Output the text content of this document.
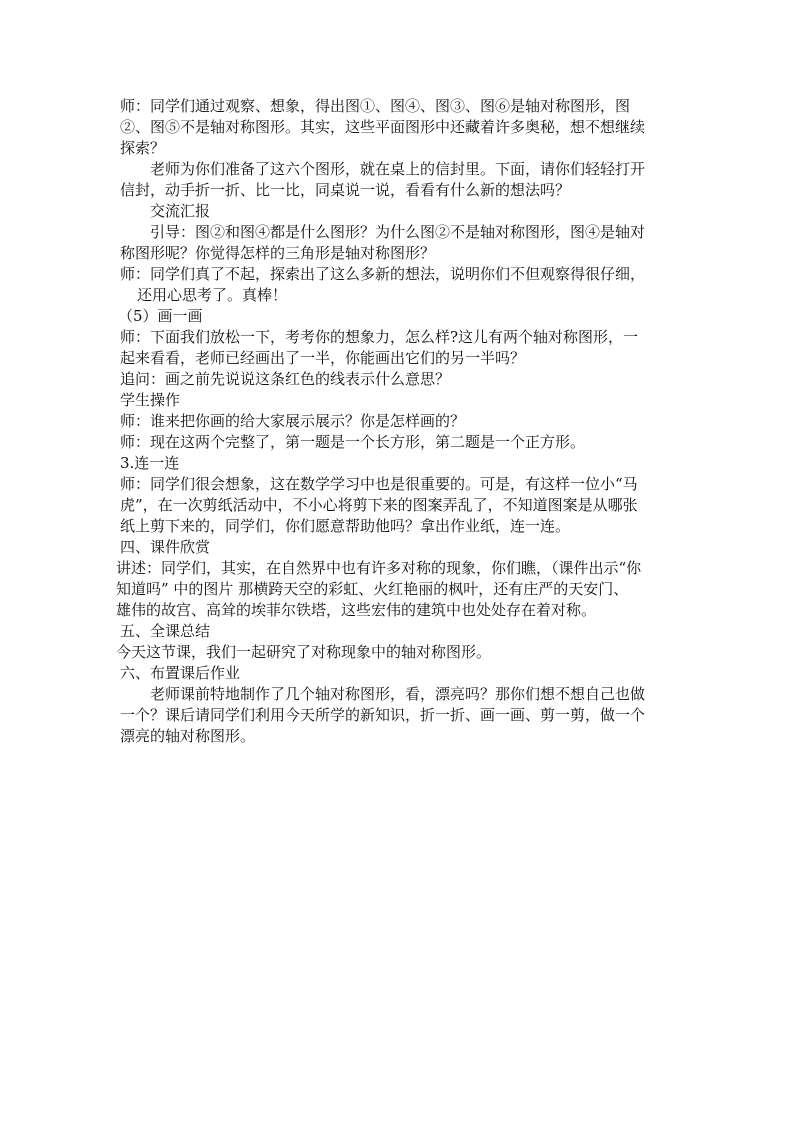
师：同学们通过观察、想象，得出图①、图④、图③、图⑥是轴对称图形，图

②、图⑤不是轴对称图形。其实，这些平面图形中还藏着许多奥秘，想不想继续

探索？

老师为你们准备了这六个图形，就在桌上的信封里。下面，请你们轻轻打开

信封，动手折一折、比一比，同桌说一说，看看有什么新的想法吗？

交流汇报

引导：图②和图④都是什么图形？为什么图②不是轴对称图形，图④是轴对

称图形呢？你觉得怎样的三角形是轴对称图形？

师：同学们真了不起，探索出了这么多新的想法，说明你们不但观察得很仔细，

还用心思考了。真棒！

（5）画一画

师：下面我们放松一下，考考你的想象力，怎么样?这儿有两个轴对称图形，一

起来看看，老师已经画出了一半，你能画出它们的另一半吗？

追问：画之前先说说这条红色的线表示什么意思？

学生操作

师：谁来把你画的给大家展示展示？你是怎样画的？

师：现在这两个完整了，第一题是一个长方形，第二题是一个正方形。

3.连一连

师：同学们很会想象，这在数学学习中也是很重要的。可是，有这样一位小“马

虎”，在一次剪纸活动中，不小心将剪下来的图案弄乱了，不知道图案是从哪张

纸上剪下来的，同学们，你们愿意帮助他吗？拿出作业纸，连一连。

四、课件欣赏

讲述：同学们，其实，在自然界中也有许多对称的现象，你们瞧，（课件出示“你

知道吗” 中的图片 那横跨天空的彩虹、火红艳丽的枫叶，还有庄严的天安门、

雄伟的故宫、高耸的埃菲尔铁塔，这些宏伟的建筑中也处处存在着对称。

五、全课总结

今天这节课，我们一起研究了对称现象中的轴对称图形。

六、布置课后作业

老师课前特地制作了几个轴对称图形，看，漂亮吗？那你们想不想自己也做

一个？课后请同学们利用今天所学的新知识，折一折、画一画、剪一剪，做一个

漂亮的轴对称图形。
